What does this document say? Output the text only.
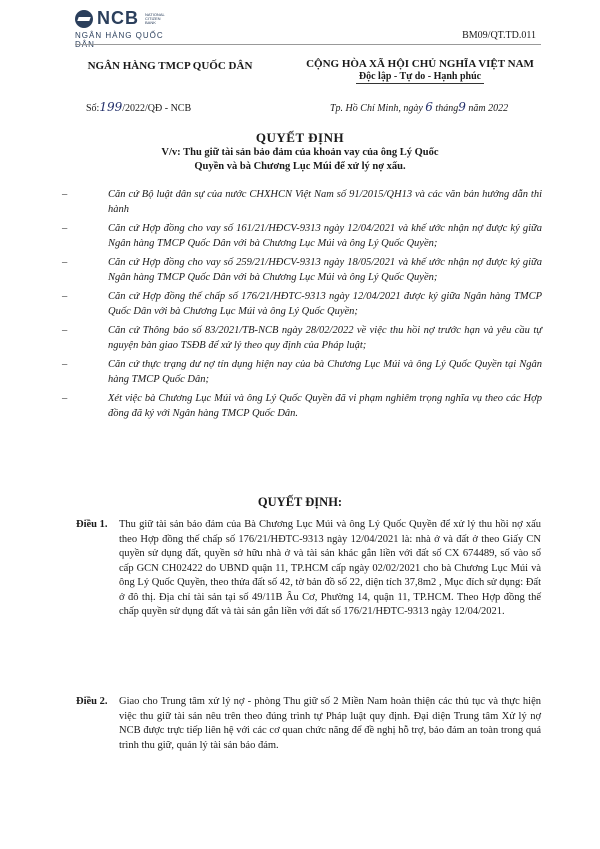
NCB NATIONAL CITIZEN BANK
NGÂN HÀNG QUỐC	BM09/QT.TD.011
NGÂN HÀNG TMCP QUỐC DÂN	CỘNG HÒA XÃ HỘI CHỦ NGHĨA VIỆT NAM
Độc lập - Tự do - Hạnh phúc
Số:199/2022/QĐ - NCB	Tp. Hồ Chí Minh, ngày 6 tháng9 năm 2022
QUYẾT ĐỊNH
V/v: Thu giữ tài sản bảo đảm của khoản vay của ông Lý Quốc Quyền và bà Chương Lục Múi để xử lý nợ xấu.
–	Căn cứ Bộ luật dân sự của nước CHXHCN Việt Nam số 91/2015/QH13 và các văn bản hướng dẫn thi hành
–	Căn cứ Hợp đồng cho vay số 161/21/HĐCV-9313 ngày 12/04/2021 và khế ước nhận nợ được ký giữa Ngân hàng TMCP Quốc Dân với bà Chương Lục Múi và ông Lý Quốc Quyền;
–	Căn cứ Hợp đồng cho vay số 259/21/HĐCV-9313 ngày 18/05/2021 và khế ước nhận nợ được ký giữa Ngân hàng TMCP Quốc Dân với bà Chương Lục Múi và ông Lý Quốc Quyền;
–	Căn cứ Hợp đồng thế chấp số 176/21/HĐTC-9313 ngày 12/04/2021 được ký giữa Ngân hàng TMCP Quốc Dân với bà Chương Lục Múi và ông Lý Quốc Quyền;
–	Căn cứ Thông báo số 83/2021/TB-NCB ngày 28/02/2022 về việc thu hồi nợ trước hạn và yêu cầu tự nguyện bàn giao TSĐB để xử lý theo quy định của Pháp luật;
–	Căn cứ thực trạng dư nợ tín dụng hiện nay của bà Chương Lục Múi và ông Lý Quốc Quyền tại Ngân hàng TMCP Quốc Dân;
–	Xét việc bà Chương Lục Múi và ông Lý Quốc Quyền đã vi phạm nghiêm trọng nghĩa vụ theo các Hợp đồng đã ký với Ngân hàng TMCP Quốc Dân.
QUYẾT ĐỊNH:
Điều 1.	Thu giữ tài sản bảo đảm của Bà Chương Lục Múi và ông Lý Quốc Quyền để xử lý thu hồi nợ xấu theo Hợp đồng thế chấp số 176/21/HĐTC-9313 ngày 12/04/2021 là: nhà ở và đất ở theo Giấy CN quyền sử dụng đất, quyền sở hữu nhà ở và tài sản khác gắn liền với đất số CX 674489, số vào sổ cấp GCN CH02422 do UBND quận 11, TP.HCM cấp ngày 02/02/2021 cho bà Chương Lục Múi và ông Lý Quốc Quyền, theo thửa đất số 42, tờ bản đồ số 22, diện tích 37,8m2 , Mục đích sử dụng: Đất ở đô thị. Địa chỉ tài sản tại số 49/11B Âu Cơ, Phường 14, quận 11, TP.HCM. Theo Hợp đồng thế chấp quyền sử dụng đất và tài sản gắn liền với đất số 176/21/HĐTC-9313 ngày 12/04/2021.
Điều 2.	Giao cho Trung tâm xử lý nợ - phòng Thu giữ số 2 Miền Nam hoàn thiện các thủ tục và thực hiện việc thu giữ tài sản nêu trên theo đúng trình tự Pháp luật quy định. Đại diện Trung tâm Xử lý nợ NCB được trực tiếp liên hệ với các cơ quan chức năng để đề nghị hỗ trợ, bảo đảm an toàn trong quá trình thu giữ, quản lý tài sản bảo đảm.
